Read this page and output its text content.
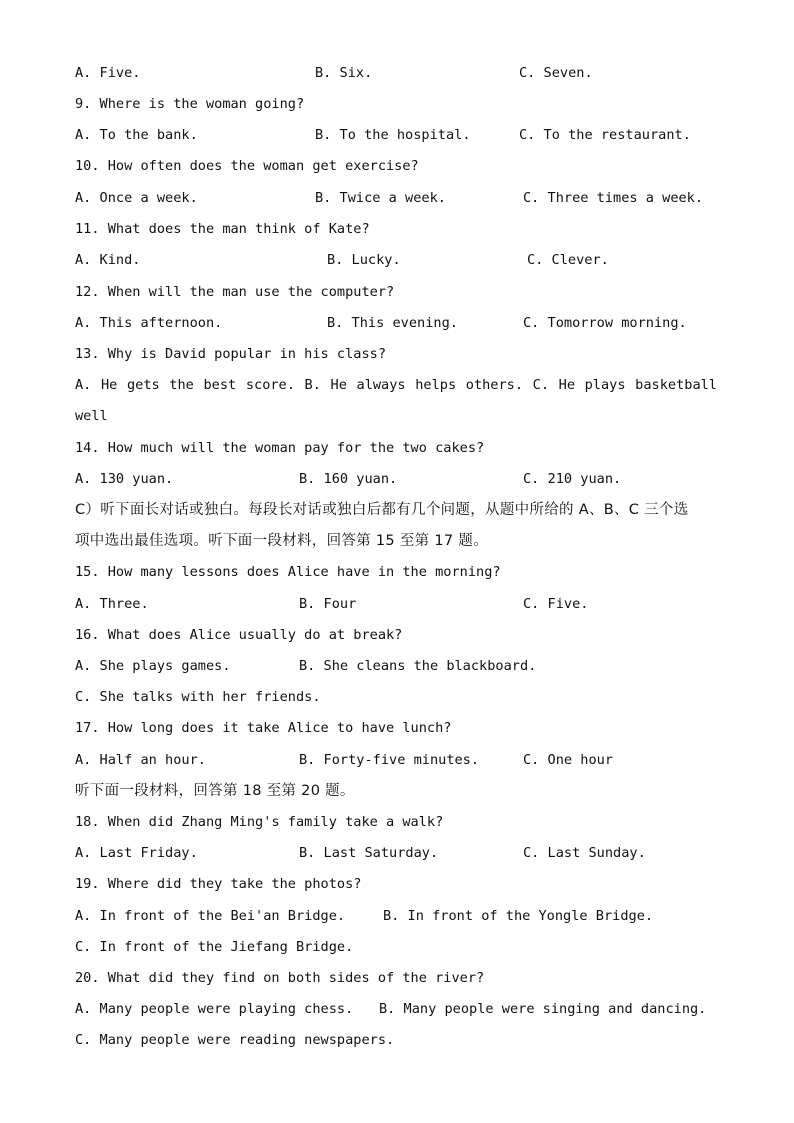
A. Five.

	B. Six.

	C. Seven.

9. Where is the woman going?

A. To the bank.

	B. To the hospital.

	C. To the restaurant.

10. How often does the woman get exercise?

A. Once a week.

	B. Twice a week.

	C. Three times a week.

11. What does the man think of Kate?

A. Kind.

	B. Lucky.

	C. Clever.

12. When will the man use the computer?

A. This afternoon.

	B. This evening.

	C. Tomorrow morning.

13. Why is David popular in his class?
A. He gets the best score. B. He always helps others. C. He plays basketball
well
14. How much will the woman pay for the two cakes?

A. 130 yuan.

	B. 160 yuan.

	C. 210 yuan.

C）听下面长对话或独白。每段长对话或独白后都有几个问题，从题中所给的 A、B、C 三个选
项中选出最佳选项。听下面一段材料，回答第 15 至第 17 题。
15. How many lessons does Alice have in the morning?

A. Three.

	B. Four

	C. Five.

16. What does Alice usually do at break?

A. She plays games.

	B. She cleans the blackboard.

C. She talks with her friends.
17. How long does it take Alice to have lunch?

A. Half an hour.

	B. Forty-five minutes.

	C. One hour

听下面一段材料，回答第 18 至第 20 题。
18. When did Zhang Ming's family take a walk?

A. Last Friday.

	B. Last Saturday.

	C. Last Sunday.

19. Where did they take the photos?

A. In front of the Bei'an Bridge.

	B. In front of the Yongle Bridge.

C. In front of the Jiefang Bridge.
20. What did they find on both sides of the river?

A. Many people were playing chess.

B. Many people were singing and dancing.

C. Many people were reading newspapers.
